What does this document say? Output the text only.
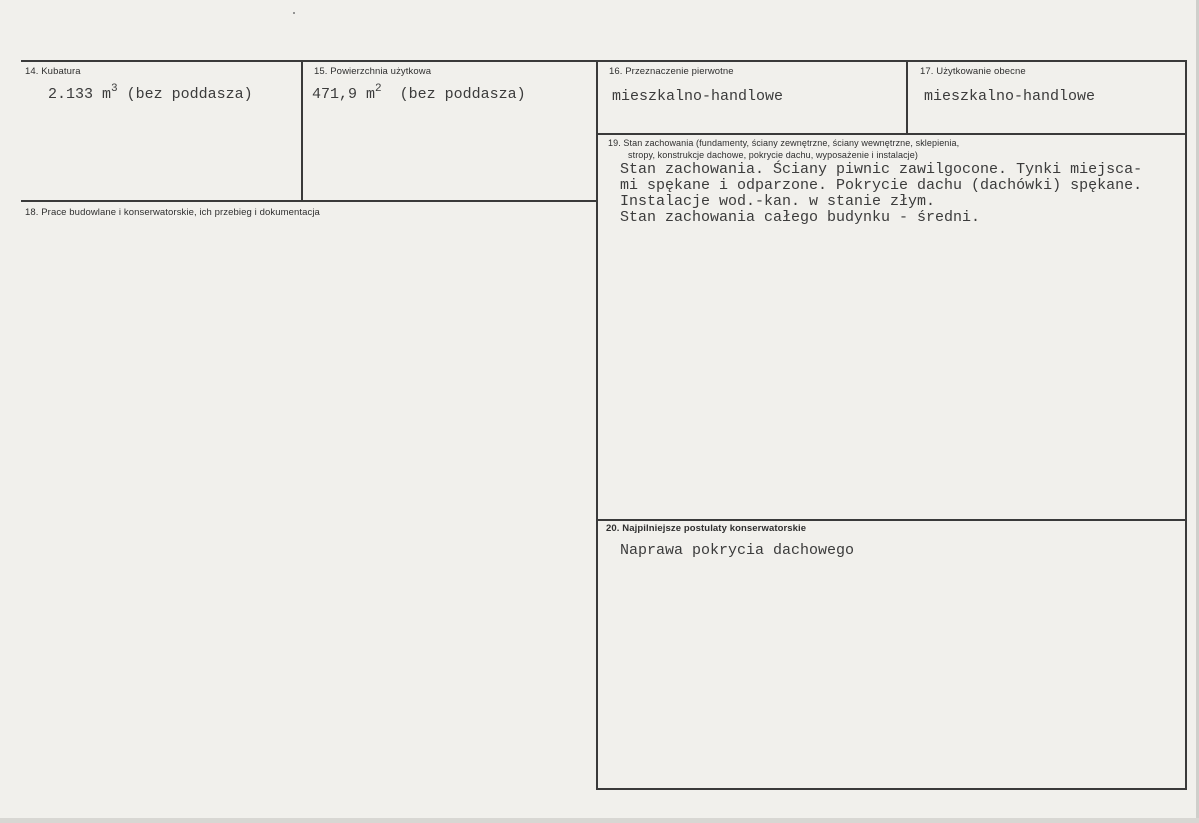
14. Kubatura
2.133 $m^3$ (bez poddasza)
15. Powierzchnia użytkowa
471,9 $m^2$  (bez poddasza)
16. Przeznaczenie pierwotne
mieszkalno-handlowe
17. Użytkowanie obecne
mieszkalno-handlowe
19. Stan zachowania (fundamenty, ściany zewnętrzne, ściany wewnętrzne, sklepienia,
stropy, konstrukcje dachowe, pokrycie dachu, wyposażenie i instalacje)
Stan zachowania. Ściany piwnic zawilgocone. Tynki miejsca-
mi spękane i odparzone. Pokrycie dachu (dachówki) spękane.
Instalacje wod.-kan. w stanie złym.
Stan zachowania całego budynku - średni.
18. Prace budowlane i konserwatorskie, ich przebieg i dokumentacja
20. Najpilniejsze postulaty konserwatorskie
Naprawa pokrycia dachowego
